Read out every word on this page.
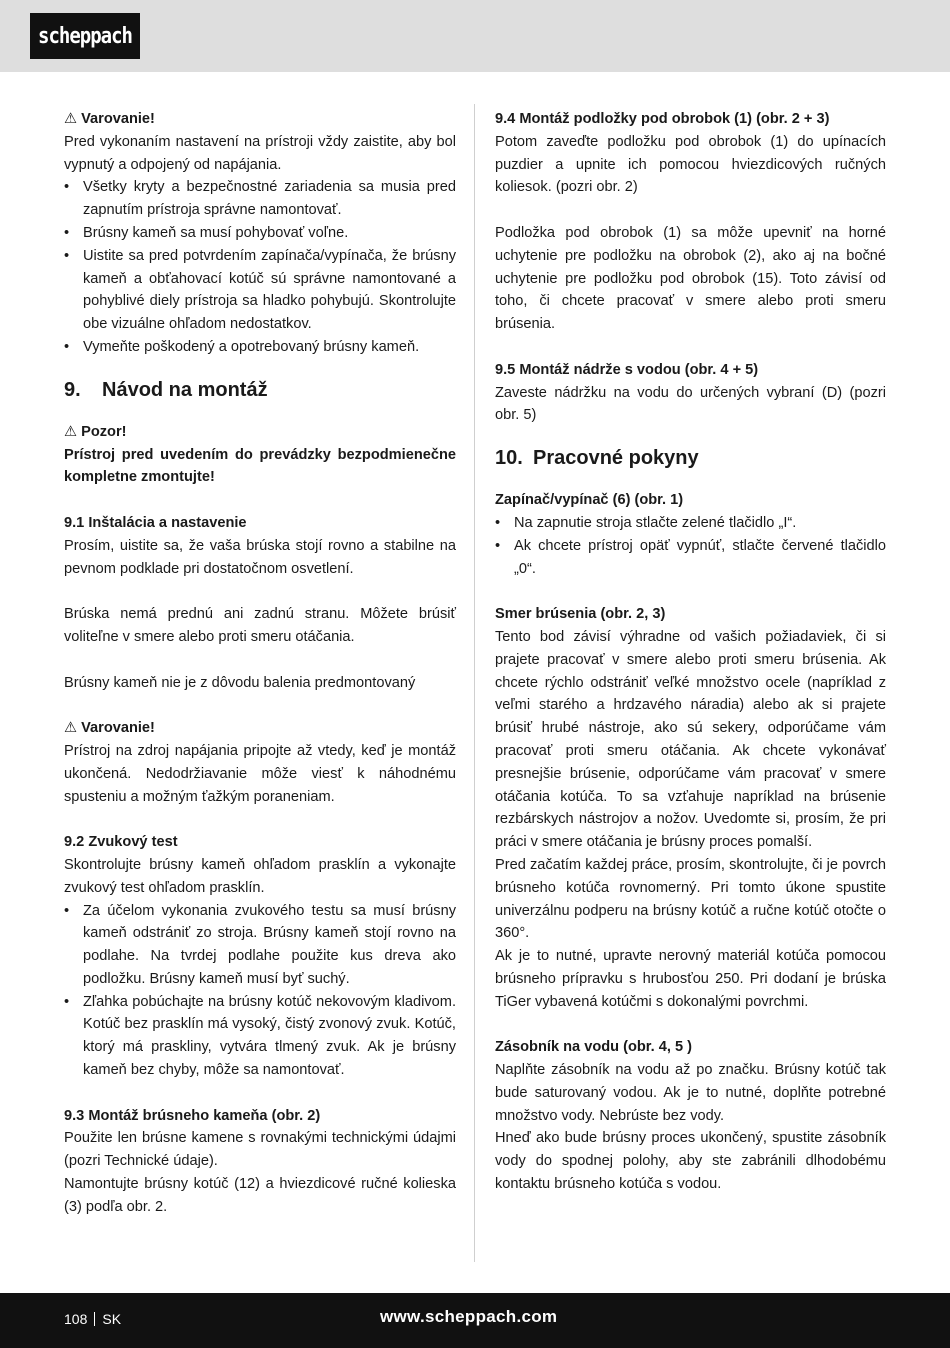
scheppach

⚠ Varovanie!

Pred vykonaním nastavení na prístroji vždy zaistite, aby bol vypnutý a odpojený od napájania.

• Všetky kryty a bezpečnostné zariadenia sa musia pred zapnutím prístroja správne namontovať.
• Brúsny kameň sa musí pohybovať voľne.
• Uistite sa pred potvrdením zapínača/vypínača, že brúsny kameň a obťahovací kotúč sú správne namontované a pohyblivé diely prístroja sa hladko pohybujú. Skontrolujte obe vizuálne ohľadom nedostatkov.
• Vymeňte poškodený a opotrebovaný brúsny kameň.

9. Návod na montáž

⚠ Pozor!

Prístroj pred uvedením do prevádzky bezpodmienečne kompletne zmontujte!

9.1 Inštalácia a nastavenie

Prosím, uistite sa, že vaša brúska stojí rovno a stabilne na pevnom podklade pri dostatočnom osvetlení.

Brúska nemá prednú ani zadnú stranu. Môžete brúsiť voliteľne v smere alebo proti smeru otáčania.

Brúsny kameň nie je z dôvodu balenia predmontovaný

⚠ Varovanie!

Prístroj na zdroj napájania pripojte až vtedy, keď je montáž ukončená. Nedodržiavanie môže viesť k náhodnému spusteniu a možným ťažkým poraneniam.

9.2 Zvukový test

Skontrolujte brúsny kameň ohľadom prasklín a vykonajte zvukový test ohľadom prasklín.

• Za účelom vykonania zvukového testu sa musí brúsny kameň odstrániť zo stroja. Brúsny kameň stojí rovno na podlahe. Na tvrdej podlahe použite kus dreva ako podložku. Brúsny kameň musí byť suchý.
• Zľahka pobúchajte na brúsny kotúč nekovovým kladivom. Kotúč bez prasklín má vysoký, čistý zvonový zvuk. Kotúč, ktorý má praskliny, vytvára tlmený zvuk. Ak je brúsny kameň bez chyby, môže sa namontovať.

9.3 Montáž brúsneho kameňa (obr. 2)

Použite len brúsne kamene s rovnakými technickými údajmi (pozri Technické údaje).

Namontujte brúsny kotúč (12) a hviezdicové ručné kolieska (3) podľa obr. 2.

9.4 Montáž podložky pod obrobok (1) (obr. 2 + 3)

Potom zaveďte podložku pod obrobok (1) do upínacích puzdier a upnite ich pomocou hviezdicových ručných koliesok. (pozri obr. 2)

Podložka pod obrobok (1) sa môže upevniť na horné uchytenie pre podložku na obrobok (2), ako aj na bočné uchytenie pre podložku pod obrobok (15). Toto závisí od toho, či chcete pracovať v smere alebo proti smeru brúsenia.

9.5 Montáž nádrže s vodou (obr. 4 + 5)

Zaveste nádržku na vodu do určených vybraní (D) (pozri obr. 5)

10. Pracovné pokyny

Zapínač/vypínač (6) (obr. 1)

• Na zapnutie stroja stlačte zelené tlačidlo „I“.
• Ak chcete prístroj opäť vypnúť, stlačte červené tlačidlo „0“.

Smer brúsenia (obr. 2, 3)

Tento bod závisí výhradne od vašich požiadaviek, či si prajete pracovať v smere alebo proti smeru brúsenia. Ak chcete rýchlo odstrániť veľké množstvo ocele (napríklad z veľmi starého a hrdzavého náradia) alebo ak si prajete brúsiť hrubé nástroje, ako sú sekery, odporúčame vám pracovať proti smeru otáčania. Ak chcete vykonávať presnejšie brúsenie, odporúčame vám pracovať v smere otáčania kotúča. To sa vzťahuje napríklad na brúsenie rezbárskych nástrojov a nožov. Uvedomte si, prosím, že pri práci v smere otáčania je brúsny proces pomalší.

Pred začatím každej práce, prosím, skontrolujte, či je povrch brúsneho kotúča rovnomerný. Pri tomto úkone spustite univerzálnu podperu na brúsny kotúč a ručne kotúč otočte o 360°.

Ak je to nutné, upravte nerovný materiál kotúča pomocou brúsneho prípravku s hrubosťou 250. Pri dodaní je brúska TiGer vybavená kotúčmi s dokonalými povrchmi.

Zásobník na vodu (obr. 4, 5 )

Naplňte zásobník na vodu až po značku. Brúsny kotúč tak bude saturovaný vodou. Ak je to nutné, doplňte potrebné množstvo vody. Nebrúste bez vody.

Hneď ako bude brúsny proces ukončený, spustite zásobník vody do spodnej polohy, aby ste zabránili dlhodobému kontaktu brúsneho kotúča s vodou.

108 SK	www.scheppach.com
